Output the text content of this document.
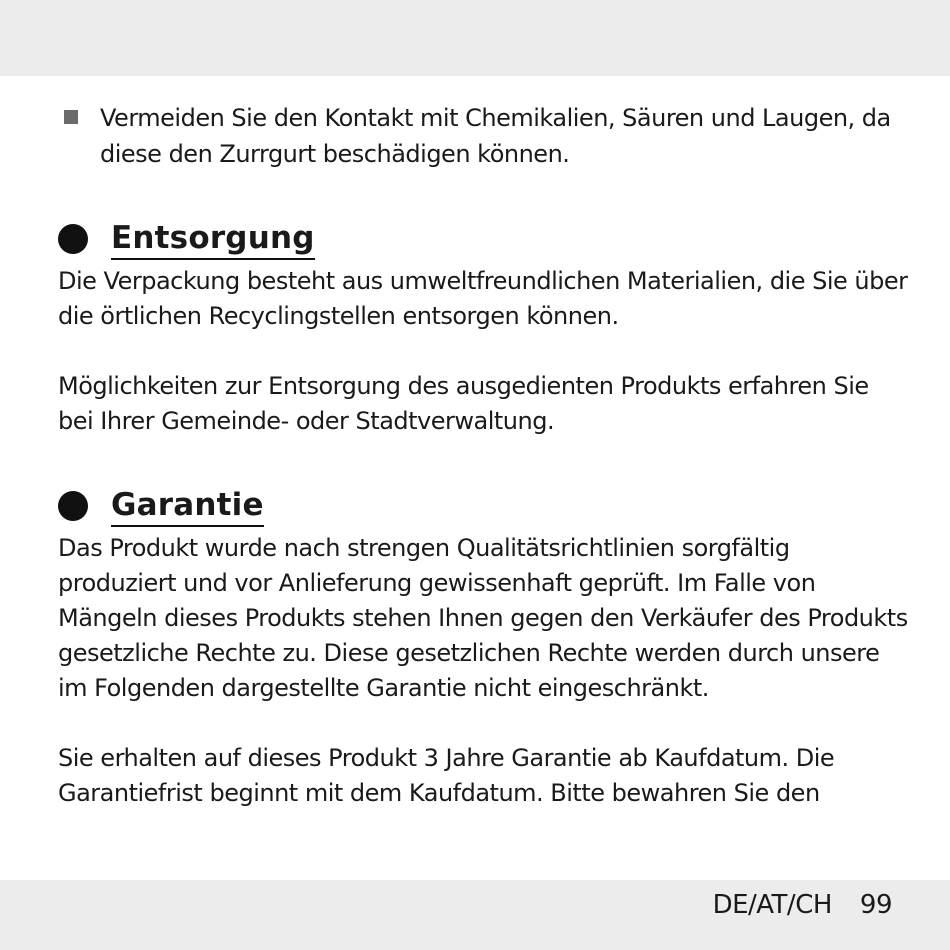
Vermeiden Sie den Kontakt mit Chemikalien, Säuren und Laugen, da diese den Zurrgurt beschädigen können.
Entsorgung

Die Verpackung besteht aus umweltfreundlichen Materialien, die Sie über die örtlichen Recyclingstellen entsorgen können.

Möglichkeiten zur Entsorgung des ausgedienten Produkts erfahren Sie bei Ihrer Gemeinde- oder Stadtverwaltung.

Garantie

Das Produkt wurde nach strengen Qualitätsrichtlinien sorgfältig produziert und vor Anlieferung gewissenhaft geprüft. Im Falle von Mängeln dieses Produkts stehen Ihnen gegen den Verkäufer des Produkts gesetzliche Rechte zu. Diese gesetzlichen Rechte werden durch unsere im Folgenden dargestellte Garantie nicht eingeschränkt.

Sie erhalten auf dieses Produkt 3 Jahre Garantie ab Kaufdatum. Die Garantiefrist beginnt mit dem Kaufdatum. Bitte bewahren Sie den

DE/AT/CH 99
